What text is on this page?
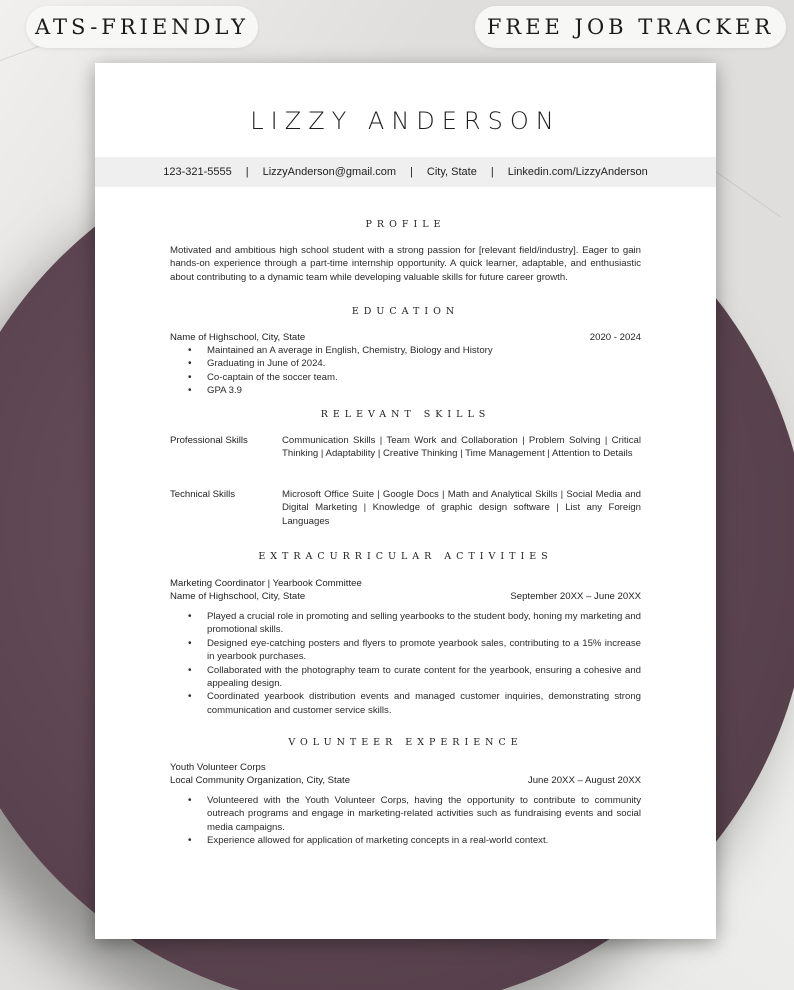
ATS-FRIENDLY	FREE JOB TRACKER
LIZZY ANDERSON
123-321-5555 | LizzyAnderson@gmail.com | City, State | Linkedin.com/LizzyAnderson
PROFILE
Motivated and ambitious high school student with a strong passion for [relevant field/industry]. Eager to gain hands-on experience through a part-time internship opportunity. A quick learner, adaptable, and enthusiastic about contributing to a dynamic team while developing valuable skills for future career growth.
EDUCATION
Name of Highschool, City, State	2020 - 2024
• Maintained an A average in English, Chemistry, Biology and History
• Graduating in June of 2024.
• Co-captain of the soccer team.
• GPA 3.9
RELEVANT SKILLS
Professional Skills	Communication Skills | Team Work and Collaboration | Problem Solving | Critical Thinking | Adaptability | Creative Thinking | Time Management | Attention to Details
Technical Skills	Microsoft Office Suite | Google Docs | Math and Analytical Skills | Social Media and Digital Marketing | Knowledge of graphic design software | List any Foreign Languages
EXTRACURRICULAR ACTIVITIES
Marketing Coordinator | Yearbook Committee
Name of Highschool, City, State	September 20XX – June 20XX
• Played a crucial role in promoting and selling yearbooks to the student body, honing my marketing and promotional skills.
• Designed eye-catching posters and flyers to promote yearbook sales, contributing to a 15% increase in yearbook purchases.
• Collaborated with the photography team to curate content for the yearbook, ensuring a cohesive and appealing design.
• Coordinated yearbook distribution events and managed customer inquiries, demonstrating strong communication and customer service skills.
VOLUNTEER EXPERIENCE
Youth Volunteer Corps
Local Community Organization, City, State	June 20XX – August 20XX
• Volunteered with the Youth Volunteer Corps, having the opportunity to contribute to community outreach programs and engage in marketing-related activities such as fundraising events and social media campaigns.
• Experience allowed for application of marketing concepts in a real-world context.
